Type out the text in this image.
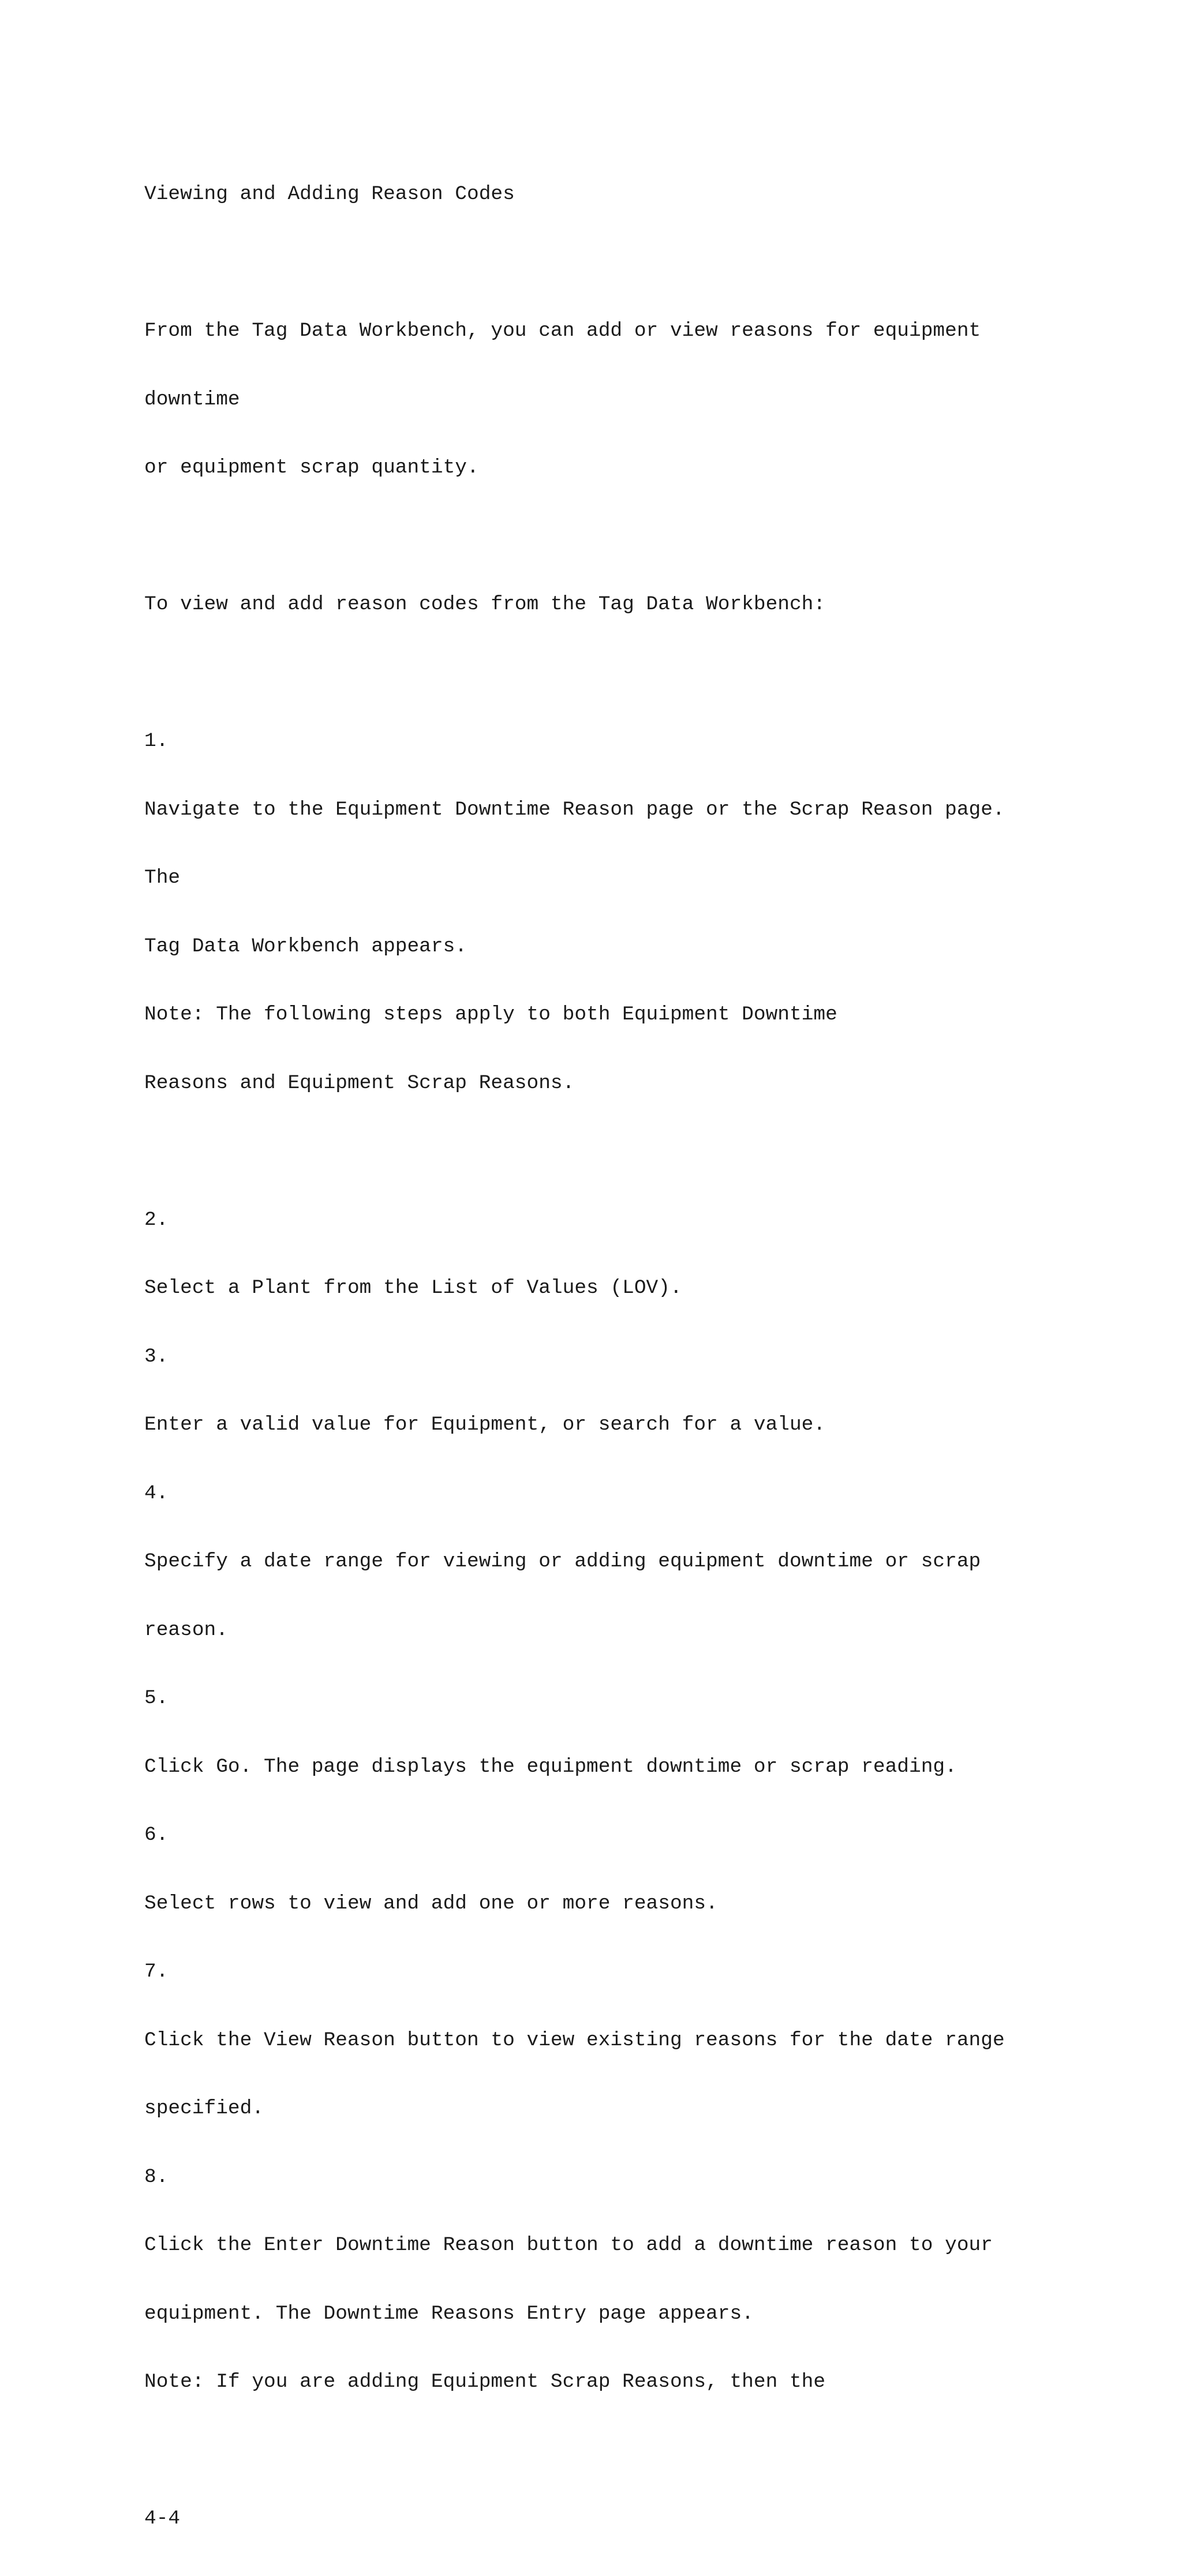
Viewing and Adding Reason Codes

From the Tag Data Workbench, you can add or view reasons for equipment

downtime

or equipment scrap quantity.

To view and add reason codes from the Tag Data Workbench:

1.

Navigate to the Equipment Downtime Reason page or the Scrap Reason page.

The

Tag Data Workbench appears.

Note: The following steps apply to both Equipment Downtime

Reasons and Equipment Scrap Reasons.

2.

Select a Plant from the List of Values (LOV).

3.

Enter a valid value for Equipment, or search for a value.

4.

Specify a date range for viewing or adding equipment downtime or scrap

reason.

5.

Click Go. The page displays the equipment downtime or scrap reading.

6.

Select rows to view and add one or more reasons.

7.

Click the View Reason button to view existing reasons for the date range

specified.

8.

Click the Enter Downtime Reason button to add a downtime reason to your

equipment. The Downtime Reasons Entry page appears.

Note: If you are adding Equipment Scrap Reasons, then the

4-4
